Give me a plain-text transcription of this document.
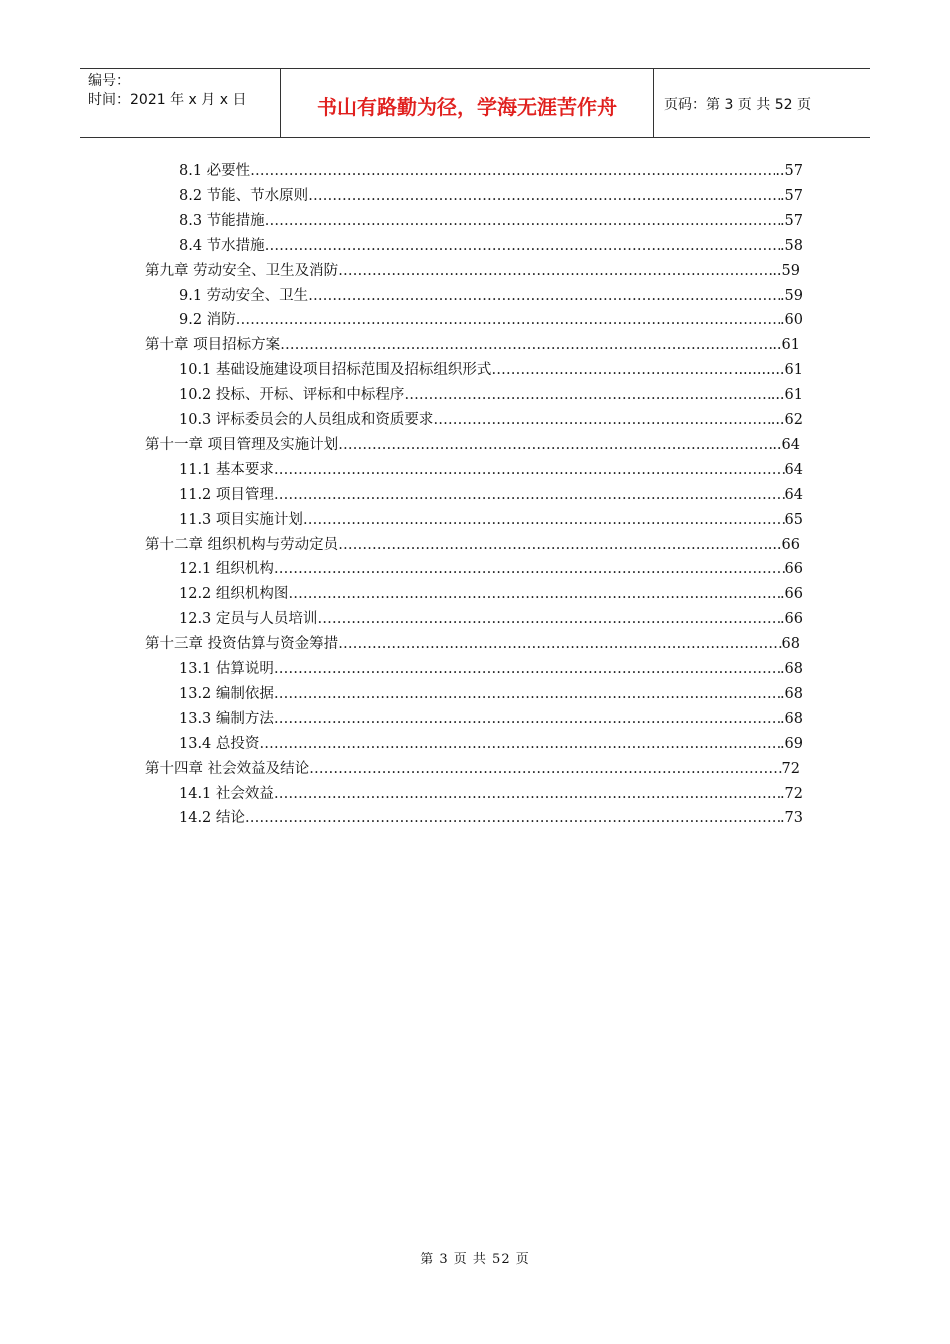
编号：
时间：2021 年 x 月 x 日	书山有路勤为径，学海无涯苦作舟	页码：第 3 页 共 52 页
8.1 必要性 …………………………………………………………………………………………………………………………………………………………	..57
8.2 节能、节水原则 …………………………………………………………………………………………………………………………………………………………	.57
8.3 节能措施 …………………………………………………………………………………………………………………………………………………………	.57
8.4 节水措施 …………………………………………………………………………………………………………………………………………………………	.58
第九章 劳动安全、卫生及消防 …………………………………………………………………………………………………………………………………………………………	..59
9.1 劳动安全、卫生 …………………………………………………………………………………………………………………………………………………………	.59
9.2 消防 …………………………………………………………………………………………………………………………………………………………	.60
第十章 项目招标方案 …………………………………………………………………………………………………………………………………………………………	..61
10.1 基础设施建设项目招标范围及招标组织形式 …………………………………………………………………………………………………………………………………………………………	...........61
10.2 投标、开标、评标和中标程序 …………………………………………………………………………………………………………………………………………………………	...61
10.3 评标委员会的人员组成和资质要求 …………………………………………………………………………………………………………………………………………………………	...62
第十一章 项目管理及实施计划 …………………………………………………………………………………………………………………………………………………………	..64
11.1 基本要求 …………………………………………………………………………………………………………………………………………………………	64
11.2 项目管理 …………………………………………………………………………………………………………………………………………………………	64
11.3 项目实施计划 …………………………………………………………………………………………………………………………………………………………	65
第十二章 组织机构与劳动定员 …………………………………………………………………………………………………………………………………………………………	...66
12.1 组织机构 …………………………………………………………………………………………………………………………………………………………	66
12.2 组织机构图 …………………………………………………………………………………………………………………………………………………………	.66
12.3 定员与人员培训 …………………………………………………………………………………………………………………………………………………………	.66
第十三章 投资估算与资金筹措 …………………………………………………………………………………………………………………………………………………………	68
13.1 估算说明 …………………………………………………………………………………………………………………………………………………………	.68
13.2 编制依据 …………………………………………………………………………………………………………………………………………………………	.68
13.3 编制方法 …………………………………………………………………………………………………………………………………………………………	.68
13.4 总投资 …………………………………………………………………………………………………………………………………………………………	.69
第十四章 社会效益及结论 …………………………………………………………………………………………………………………………………………………………	72
14.1 社会效益 …………………………………………………………………………………………………………………………………………………………	.72
14.2 结论 …………………………………………………………………………………………………………………………………………………………	.73
第 3 页 共 52 页
